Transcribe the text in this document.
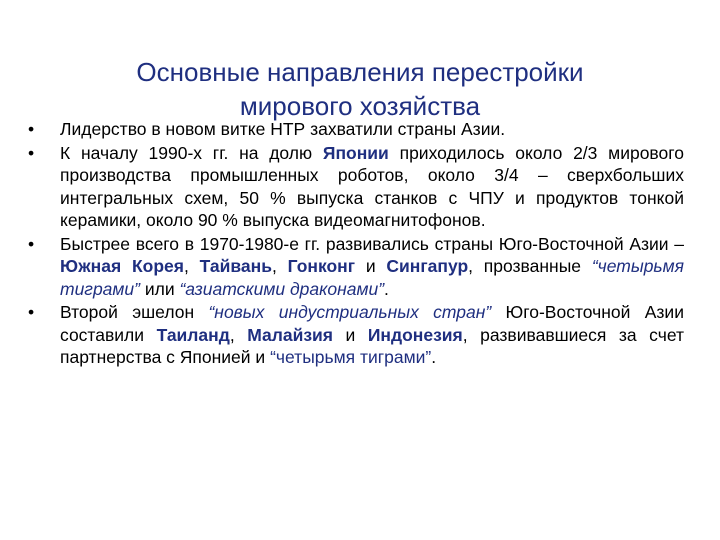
Основные направления перестройки
мирового хозяйства
•	Лидерство в новом витке НТР захватили страны Азии.
•	К началу 1990-х гг. на долю Японии приходилось около 2/3 мирового производства промышленных роботов, около 3/4 – сверхбольших интегральных схем, 50 % выпуска станков с ЧПУ и продуктов тонкой керамики, около 90 % выпуска видеомагнитофонов.
•	Быстрее всего в 1970-1980-е гг. развивались страны Юго-Восточной Азии – Южная Корея, Тайвань, Гонконг и Сингапур, прозванные “четырьмя тиграми” или “азиатскими драконами”.
•	Второй эшелон “новых индустриальных стран” Юго-Восточной Азии составили Таиланд, Малайзия и Индонезия, развивавшиеся за счет партнерства с Японией и “четырьмя тиграми”.
